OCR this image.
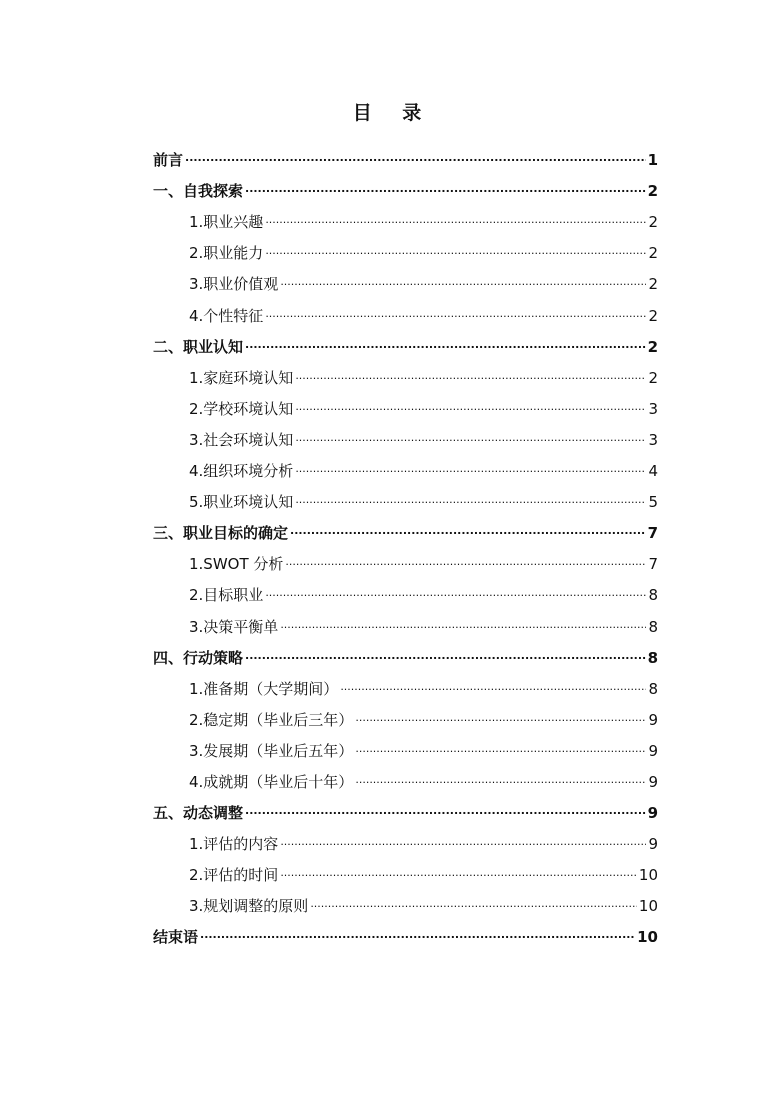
目 录
前言 .....	1
一、自我探索 .....	2
1.职业兴趣 .....	2
2.职业能力 .....	2
3.职业价值观 .....	2
4.个性特征 .....	2
二、职业认知 .....	2
1.家庭环境认知 .....	2
2.学校环境认知 .....	3
3.社会环境认知 .....	3
4.组织环境分析 .....	4
5.职业环境认知 .....	5
三、职业目标的确定 .....	7
1.SWOT 分析 .....	7
2.目标职业 .....	8
3.决策平衡单 .....	8
四、行动策略 .....	8
1.准备期（大学期间） .....	8
2.稳定期（毕业后三年） .....	9
3.发展期（毕业后五年） .....	9
4.成就期（毕业后十年） .....	9
五、动态调整 .....	9
1.评估的内容 .....	9
2.评估的时间 .....	10
3.规划调整的原则 .....	10
结束语 .....	10
